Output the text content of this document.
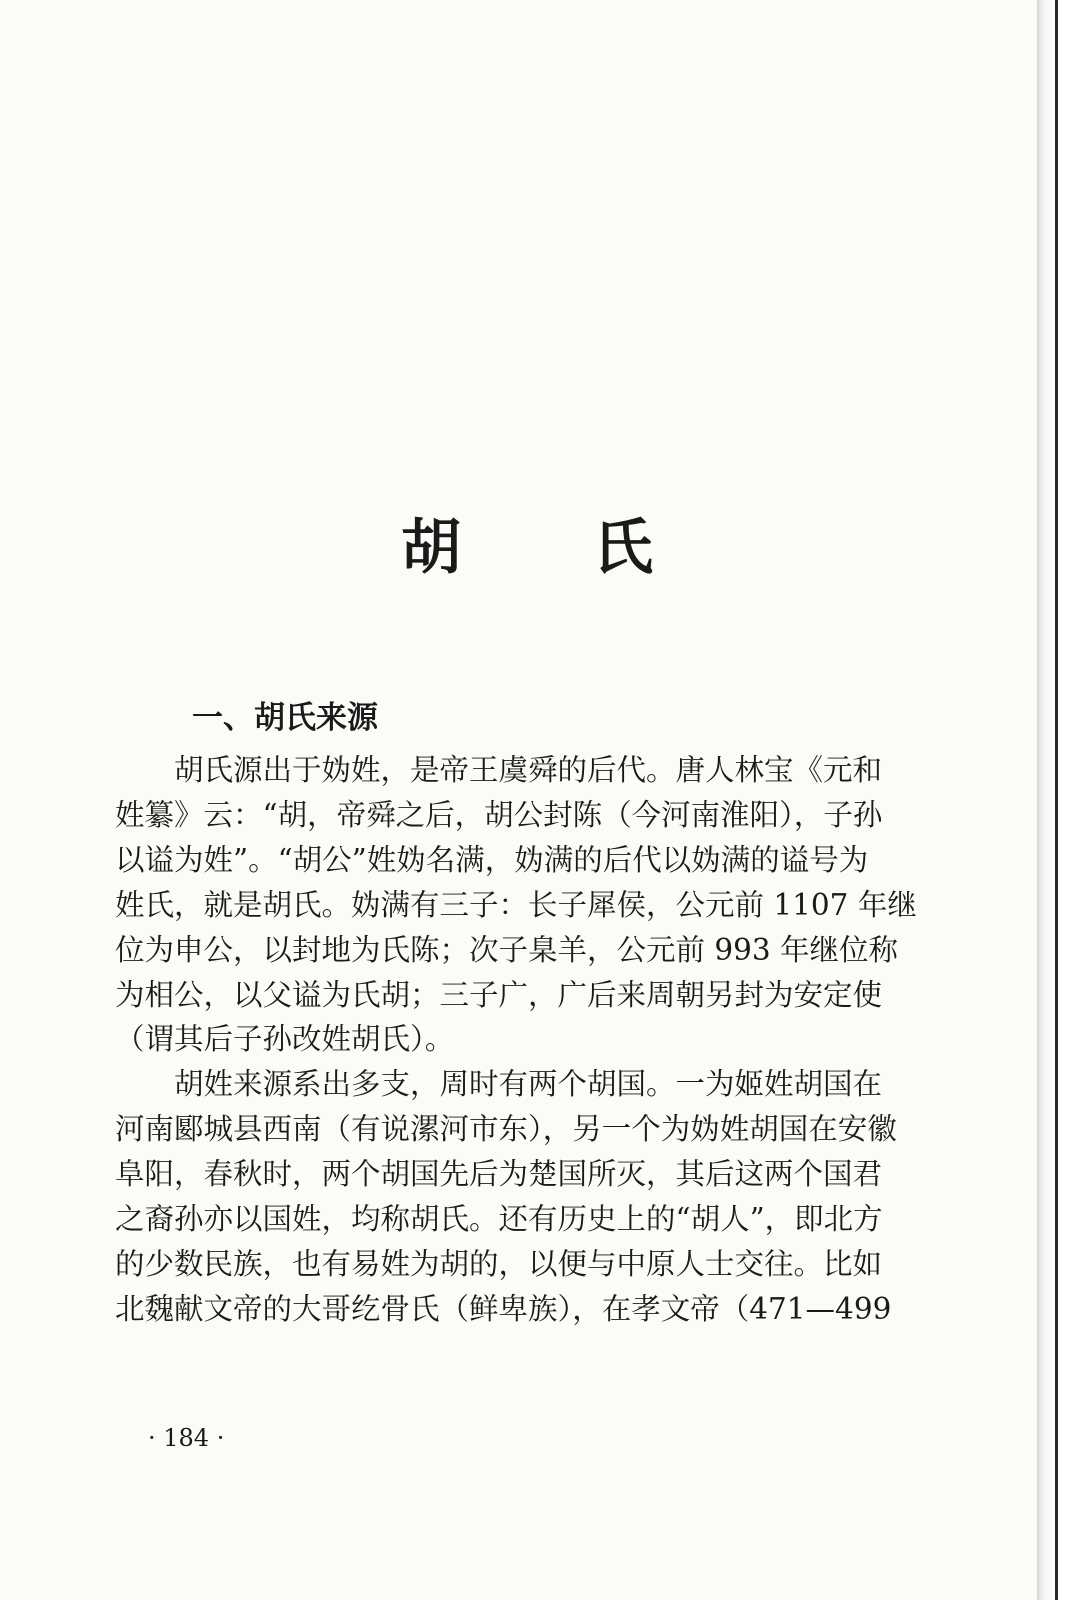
胡　　氏
一、胡氏来源

胡氏源出于妫姓，是帝王虞舜的后代。唐人林宝《元和
姓纂》云：“胡，帝舜之后，胡公封陈（今河南淮阳），子孙
以谥为姓”。“胡公”姓妫名满，妫满的后代以妫满的谥号为
姓氏，就是胡氏。妫满有三子：长子犀侯，公元前 1107 年继
位为申公，以封地为氏陈；次子臬羊，公元前 993 年继位称
为相公，以父谥为氏胡；三子广，广后来周朝另封为安定使
（谓其后子孙改姓胡氏）。

胡姓来源系出多支，周时有两个胡国。一为姬姓胡国在
河南郾城县西南（有说漯河市东），另一个为妫姓胡国在安徽
阜阳，春秋时，两个胡国先后为楚国所灭，其后这两个国君
之裔孙亦以国姓，均称胡氏。还有历史上的“胡人”，即北方
的少数民族，也有易姓为胡的，以便与中原人士交往。比如
北魏献文帝的大哥纥骨氏（鲜卑族），在孝文帝（471—499

· 184 ·
